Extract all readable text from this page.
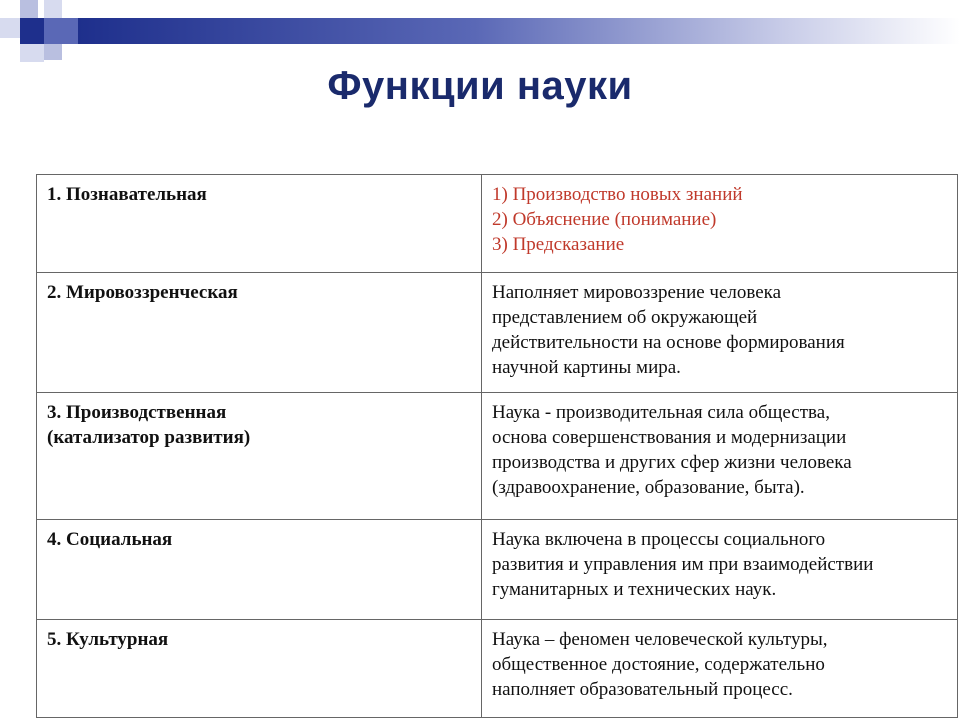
Функции науки
1. Познавательная	1) Производство новых знаний
2) Объяснение (понимание)
3) Предсказание

2. Мировоззренческая	Наполняет мировоззрение человека
представлением об окружающей
действительности на основе формирования
научной картины мира.

3. Производственная
(катализатор развития)	Наука - производительная сила общества,
основа совершенствования и модернизации
производства и других сфер жизни человека
(здравоохранение, образование, быта).

4. Социальная	Наука включена в процессы социального
развития и управления им при взаимодействии
гуманитарных и технических наук.

5. Культурная	Наука – феномен человеческой культуры,
общественное достояние, содержательно
наполняет образовательный процесс.
